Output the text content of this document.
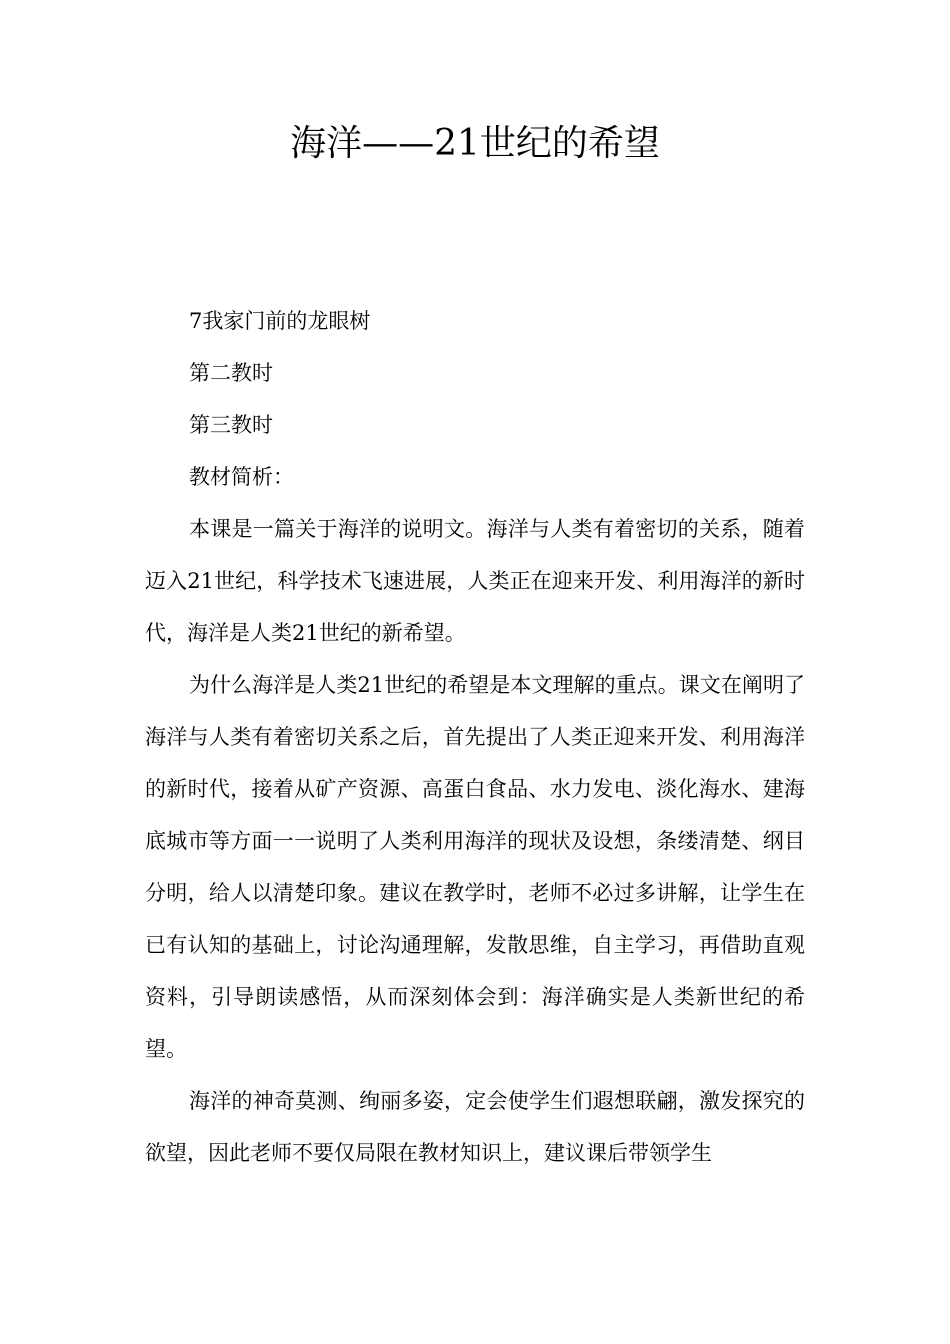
海洋——21世纪的希望

7我家门前的龙眼树

第二教时

第三教时

教材简析：

本课是一篇关于海洋的说明文。海洋与人类有着密切的关系，随着迈入21世纪，科学技术飞速进展，人类正在迎来开发、利用海洋的新时代，海洋是人类21世纪的新希望。

为什么海洋是人类21世纪的希望是本文理解的重点。课文在阐明了海洋与人类有着密切关系之后，首先提出了人类正迎来开发、利用海洋的新时代，接着从矿产资源、高蛋白食品、水力发电、淡化海水、建海底城市等方面一一说明了人类利用海洋的现状及设想，条缕清楚、纲目分明，给人以清楚印象。建议在教学时，老师不必过多讲解，让学生在已有认知的基础上，讨论沟通理解，发散思维，自主学习，再借助直观资料，引导朗读感悟，从而深刻体会到：海洋确实是人类新世纪的希望。

海洋的神奇莫测、绚丽多姿，定会使学生们遐想联翩，激发探究的欲望，因此老师不要仅局限在教材知识上，建议课后带领学生
